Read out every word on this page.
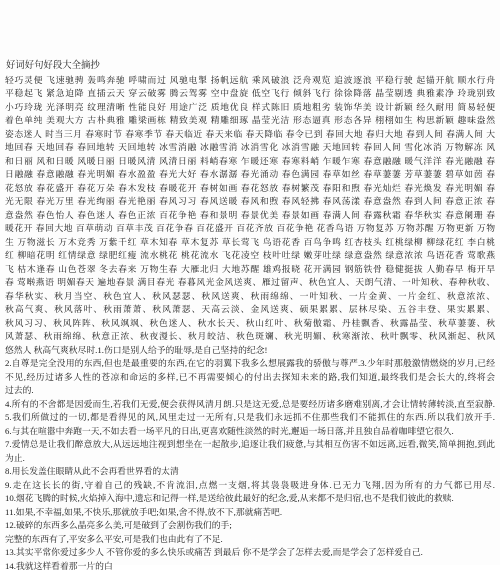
好词好句好段大全摘抄
轻巧灵便 飞速驰骋 轰鸣奔驰 呼啸而过 风驰电掣 扬帆远航 乘风破浪 泛舟观览 追波逐浪 平稳行驶 起锚开航 顺水行舟
平稳起飞 紧急迫降 直插云天 穿云破雾 腾云驾雾 空中盘旋 低空飞行 倾斜飞行 徐徐降落 晶莹剔透 典雅素净 玲珑别致
小巧玲珑 光泽明亮 纹理清晰 性能良好 用途广泛 质地优良 样式陈旧 质地粗劣 装饰华美 设计新颖 经久耐用 简易轻便
着色单纯 美观大方 古朴典雅 雕梁画栋 精致美观 精雕细琢 晶莹光洁 形态逼真 形态各异 栩栩如生 构思新颖 趣味盎然
姿态迷人 时当三月 春寒时节 春寒季节 春天临近 春天来临 春天降临 春令已到 春回大地 春归大地 春到人间 春满人间 大
地回春 天地回春 春回地转 天回地转 冰雪消融 冰融雪消 冰消雪化 冰消雪融 天地回转 春回人间 雪化冰消 万物解冻 风
和日丽 风和日暖 风暖日丽 日暖风清 风清日丽 料峭春寒 乍暖还寒 春寒料峭 乍暖乍寒 春意融融 暖气洋洋 春光融融 春
日融融 春意融融 春光明媚 春水盈盈 春光大好 春水潺潺 春光涌动 春色满园 春草如丝 春草萋萋 芳草萋萋 碧草如茵 春
花怒放 春花盛开 春花万朵 春木发枝 春暖花开 春树如画 春花怒放 春树繁茂 春阳和煦 春光灿烂 春光焕发 春光明媚 春
光无限 春光万里 春光绚丽 春光艳丽 春风习习 春风送暖 春风和煦 春风轻拂 春风荡漾 春意盎然 春到人间 春意正浓 春
意盎然 春色怡人 春色迷人 春色正浓 百花争艳 春和景明 春景优美 春景如画 春满人间 春露秋霜 春华秋实 春意阑珊 春
暖花开 春回大地 百草萌动 百草丰茂 百花争春 百花盛开 百花齐放 百花争艳 花香鸟语 万物复苏 万物苏醒 万物更新 万物
生 万物滋长 万木竞秀 万紫千红 草木知春 草木复苏 草长莺飞 鸟语花香 百鸟争鸣 红杏枝头 红桃绿柳 柳绿花红 李白桃
红 柳暗花明 红情绿意 绿肥红瘦 流水桃花 桃花流水 飞花凌空 枝叶吐绿 嫩芽吐绿 绿意盎然 绿意浓浓 鸟语花香 莺歌燕
飞 枯木逢春 山色苍翠 冬去春来 万物生春 大雁北归 大地苏醒 雄鸡报晓 花开满园 钢筋铁骨 稳健挺拔 人勤春早 梅开早
春 莺啭燕语 明媚春天 遍地春景 满目春光 春暮风光金风送爽、雁过留声、秋色宜人、天朗气清、一叶知秋、春种秋收、
春华秋实、秋月当空、秋色宜人、秋风瑟瑟、秋风送爽、秋雨绵绵、一叶知秋、一片金黄、一片金红、秋意浓浓、
秋高气爽、秋风落叶、秋雨萧萧、秋风萧瑟、天高云淡、金风送爽、硕果累累、层林尽染、五谷丰登、果实累累、
秋风习习、秋风阵阵、秋风飒飒、秋色迷人、秋水长天、秋山红叶、秋菊傲霜、丹桂飘香、秋露晶莹、秋草萋萋、秋
风萧瑟、秋雨绵绵、秋意正浓、秋夜漫长、秋月皎洁、秋色斑斓、秋光明媚、秋寒渐浓、秋叶飘零、秋风渐起、秋风
悠然人 秋高气爽秋尽时.1.伤口是别人给予的耻辱,是自己坚持的纪念!
2.自尊是完全没用的东西,但也是最重要的东西,在它的羽翼下我多么想展露我的骄傲与尊严.3.少年时那般激情燃烧的岁月,已经
不见,经历过诸多人性的苍凉和命运的多样,已不再需要倾心的付出去探知未来的路,我们知道,最终我们是会长大的,终将会
过去的.
4.所有的不舍都是因爱而生,若我们无爱,便会获得风清月朗.只是这无爱,总是要经历诸多磨难别离,才会让情转薄转淡,直至寂静.
5.我们所做过的一切,都是看得见的风,风里走过一无所有,只是我们永远抓不住那些我们不能抓住的东西.所以我们放开手.
6.与其在喧嚣中奔跑一天,不如去看一场平凡的日出,更喜欢随性淡然的时光,邂逅一场日落,并且独自品着咖啡望它很久.
7.爱情总是让我们醉意放大,从远远地注视到想坐在一起散步,追逐让我们疲惫,与其相互伤害不如远离,远看,微笑,简单拥抱,到此
为止.
8.用长发盖住眼睛从此不会再看世界看的太清
9.走在这长长的街,守着自己的残缺,不肯流泪,点燃一支烟,将其袅袅吸进身体.已无力飞翔,因为所有的力气都已用尽.
10.烟花飞腾的时候,火焰掉入海中,遗忘和记得一样,是送给彼此最好的纪念,爱,从来都不是归宿,也不是我们彼此的救赎.
11.如果,不幸福,如果,不快乐,那就放手吧;如果,舍不得,放不下,那就痛苦吧.
12.破碎的东西多么晶亮多么美,可是破到了会割伤我们的手;
完整的东西有了,平安多么平安,可是我们也由此有了不足.
13.其实平常你爱过多少人 不管你爱的多么快乐或痛苦 到最后 你不是学会了怎样去爱,而是学会了怎样爱自己.
14.我就这样看着那一片的白
